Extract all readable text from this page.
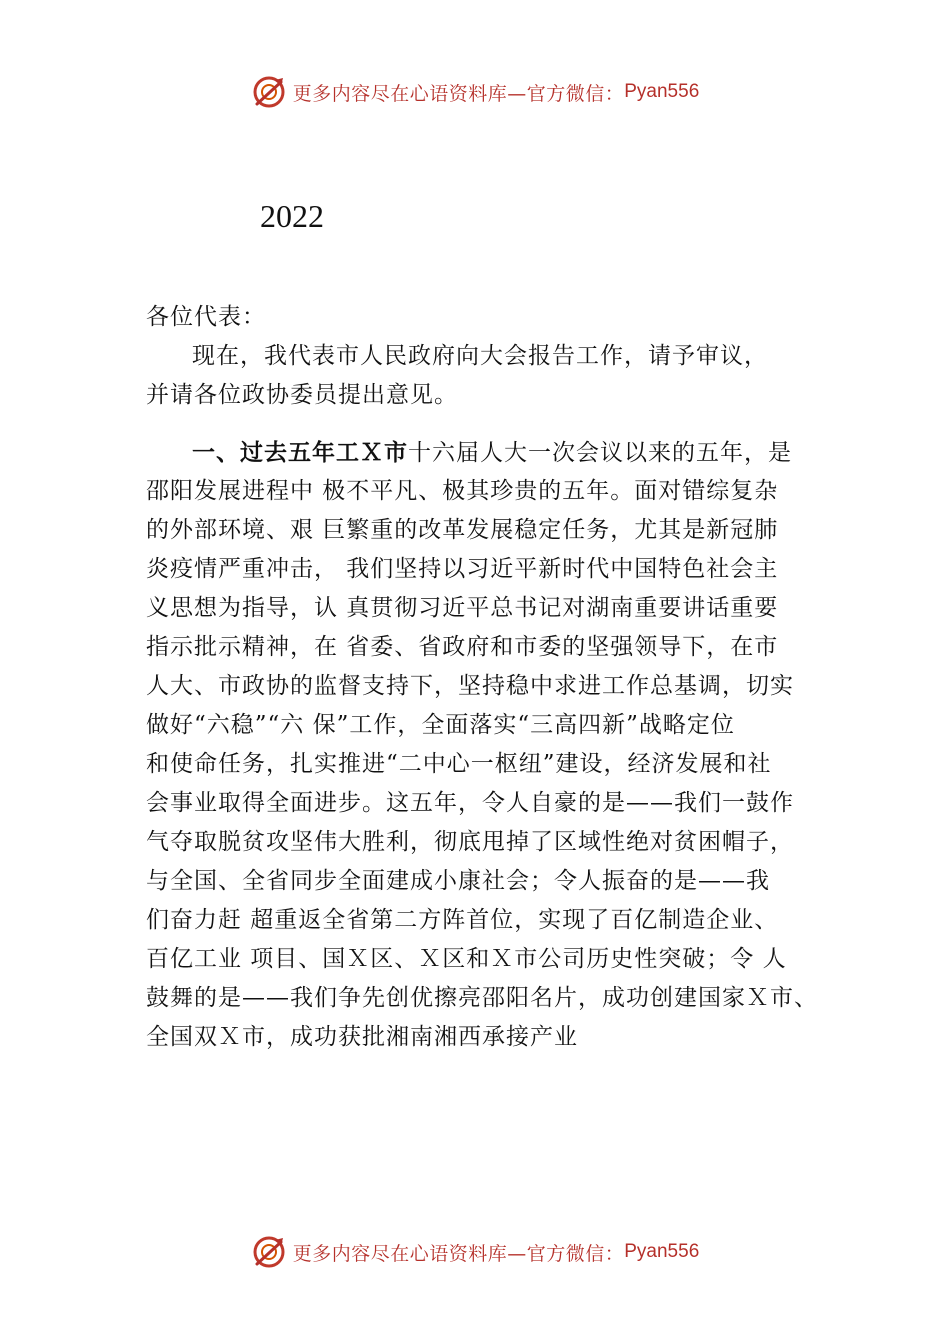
更多内容尽在心语资料库—官方微信： Pyan556
2022
各位代表：
现在，我代表市人民政府向大会报告工作，请予审议，
并请各位政协委员提出意见。
一、过去五年工Ｘ市十六届人大一次会议以来的五年，是
邵阳发展进程中 极不平凡、极其珍贵的五年。面对错综复杂
的外部环境、艰 巨繁重的改革发展稳定任务，尤其是新冠肺
炎疫情严重冲击， 我们坚持以习近平新时代中国特色社会主
义思想为指导，认 真贯彻习近平总书记对湖南重要讲话重要
指示批示精神，在 省委、省政府和市委的坚强领导下，在市
人大、市政协的监督支持下，坚持稳中求进工作总基调，切实
做好“六稳”“六 保”工作，全面落实“三高四新”战略定位
和使命任务，扎实推进“二中心一枢纽”建设，经济发展和社
会事业取得全面进步。这五年，令人自豪的是——我们一鼓作
气夺取脱贫攻坚伟大胜利，彻底甩掉了区域性绝对贫困帽子，
与全国、全省同步全面建成小康社会；令人振奋的是——我
们奋力赶 超重返全省第二方阵首位，实现了百亿制造企业、
百亿工业 项目、国Ｘ区、Ｘ区和Ｘ市公司历史性突破；令 人
鼓舞的是——我们争先创优擦亮邵阳名片，成功创建国家Ｘ市、
全国双Ｘ市，成功获批湘南湘西承接产业
更多内容尽在心语资料库—官方微信： Pyan556
